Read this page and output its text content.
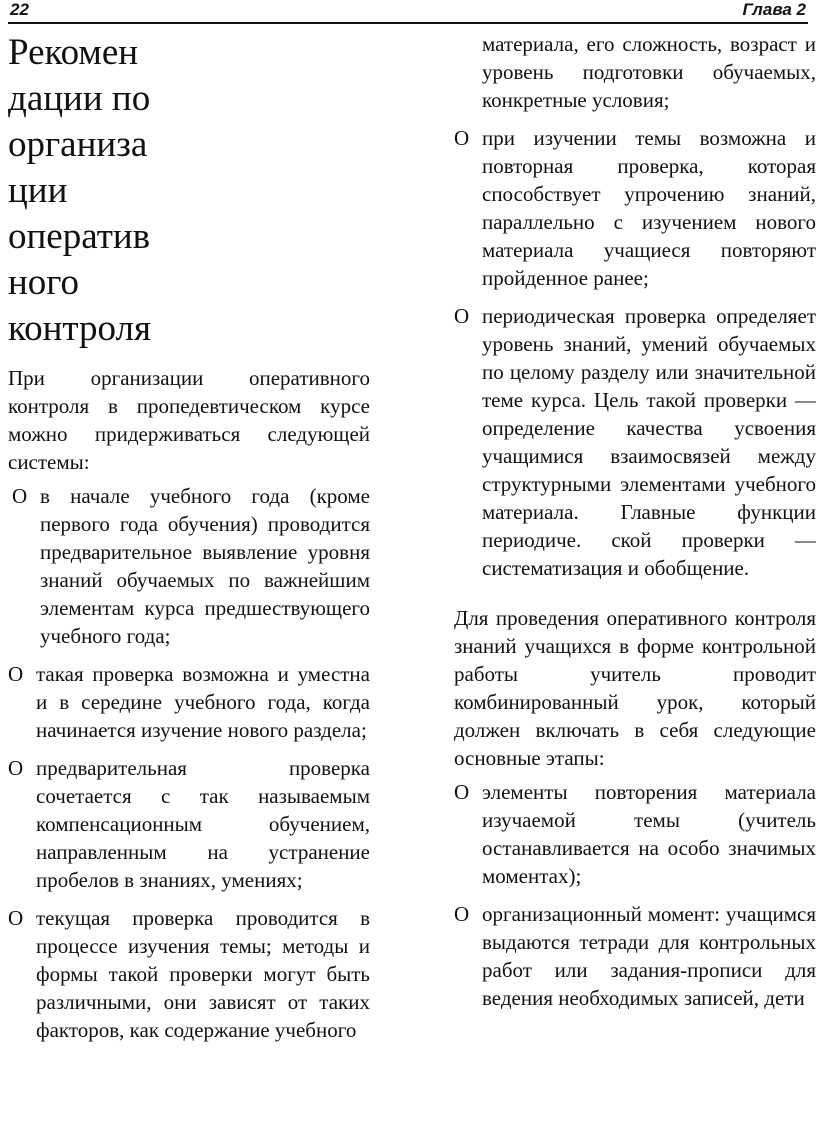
22	Глава 2
Рекомен
дации по
организа
ции
оператив
ного
контроля

При организации оперативного контроля в пропедевтическом курсе можно придерживаться следующей системы:

О в начале учебного года (кроме первого года обучения) проводится предварительное выявление уровня знаний обучаемых по важнейшим элементам курса предшествующего учебного года;

О такая проверка возможна и уместна и в середине учебного года, когда начинается изучение нового раздела;

О предварительная проверка сочетается с так называемым компенсационным обучением, направленным на устранение пробелов в знаниях, умениях;

О текущая проверка проводится в процессе изучения темы; методы и формы такой проверки могут быть различными, они зависят от таких факторов, как содержание учебного

материала, его сложность, возраст и уровень подготовки обучаемых, конкретные условия;

О при изучении темы возможна и повторная проверка, которая способствует упрочению знаний, параллельно с изучением нового материала учащиеся повторяют пройденное ранее;

О периодическая проверка определяет уровень знаний, умений обучаемых по целому разделу или значительной теме курса. Цель такой проверки — определение качества усвоения учащимися взаимосвязей между структурными элементами учебного материала. Главные функции периодиче. ской проверки — систематизация и обобщение.

Для проведения оперативного контроля знаний учащихся в форме контрольной работы учитель проводит комбинированный урок, который должен включать в себя следующие основные этапы:

О элементы повторения материала изучаемой темы (учитель останавливается на особо значимых моментах);

О организационный момент: учащимся выдаются тетради для контрольных работ или задания-прописи для ведения необходимых записей, дети
